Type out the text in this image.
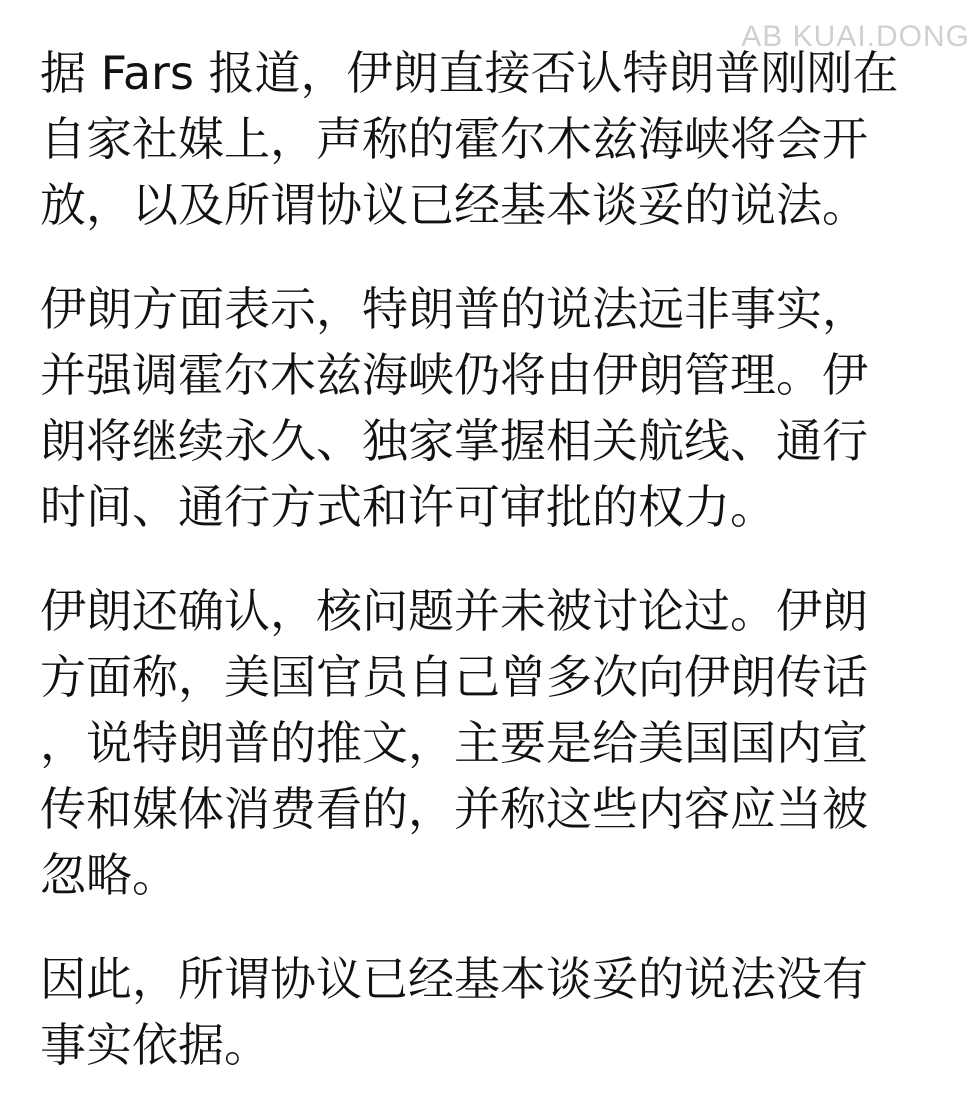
AB KUAI.DONG

据 Fars 报道，伊朗直接否认特朗普刚刚在
自家社媒上，声称的霍尔木兹海峡将会开
放，以及所谓协议已经基本谈妥的说法。

伊朗方面表示，特朗普的说法远非事实，
并强调霍尔木兹海峡仍将由伊朗管理。伊
朗将继续永久、独家掌握相关航线、通行
时间、通行方式和许可审批的权力。

伊朗还确认，核问题并未被讨论过。伊朗
方面称，美国官员自己曾多次向伊朗传话
，说特朗普的推文，主要是给美国国内宣
传和媒体消费看的，并称这些内容应当被
忽略。

因此，所谓协议已经基本谈妥的说法没有
事实依据。
